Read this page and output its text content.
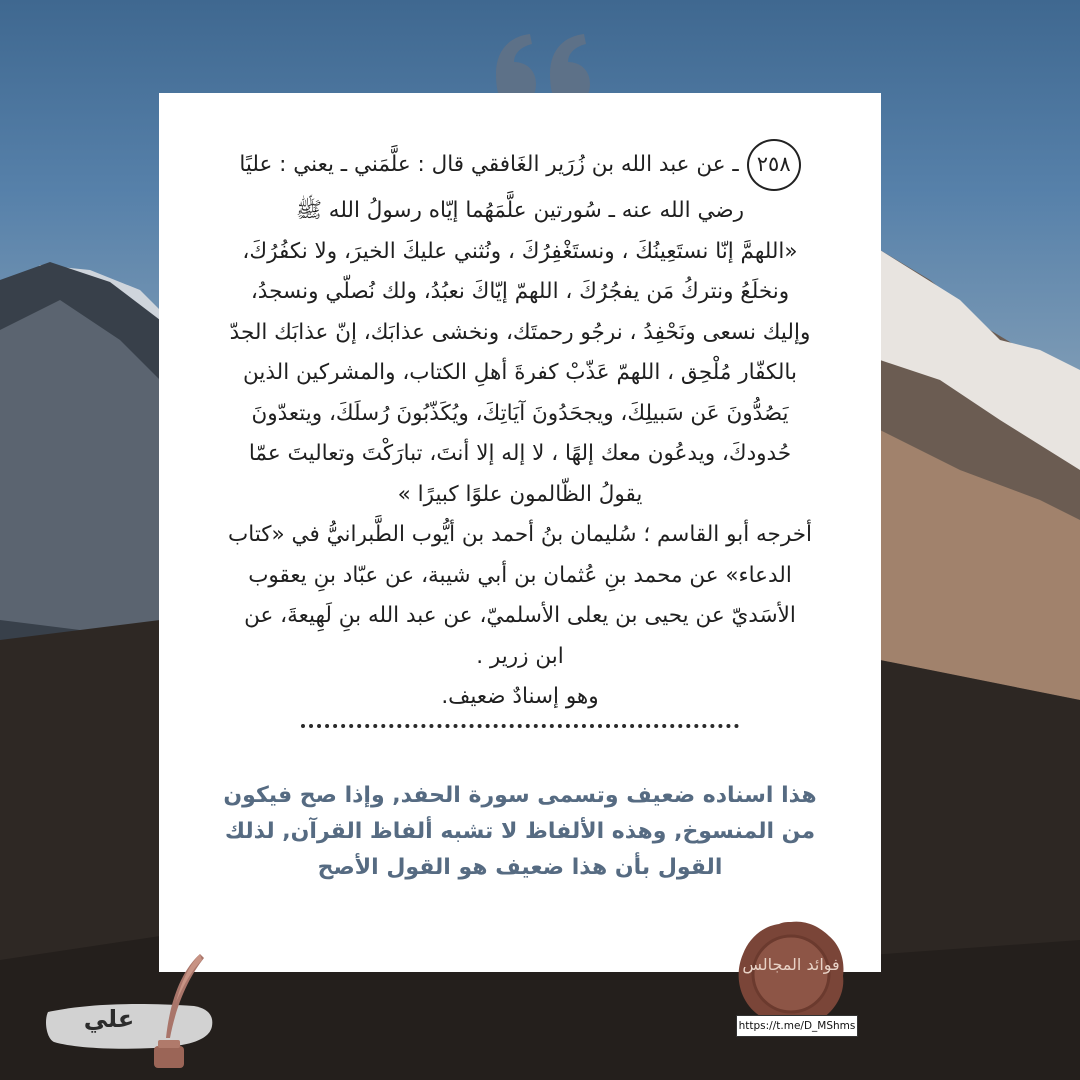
٢٥٨ـ عن عبد الله بن زُرَير الغَافقي قال : علَّمَني ـ يعني : عليًا
رضي الله عنه ـ سُورتين علَّمَهُما إيّاه رسولُ الله ﷺ
«اللهمَّ إنّا نستَعِينُكَ ، ونستَغْفِرُكَ ، ونُثني عليكَ الخيرَ، ولا نكفُرُكَ،
ونخلَعُ ونتركُ مَن يفجُرُكَ ، اللهمّ إيّاكَ نعبُدُ، ولك نُصلّي ونسجدُ،
وإليك نسعى ونَحْفِدُ ، نرجُو رحمتَك، ونخشى عذابَك، إنّ عذابَك الجدّ
بالكفّار مُلْحِق ، اللهمّ عَذّبْ كفرةَ أهلِ الكتاب، والمشركين الذين
يَصُدُّونَ عَن سَبيلِكَ، ويجحَدُونَ آيَاتِكَ، ويُكَذّبُونَ رُسلَكَ، ويتعدّونَ
حُدودكَ، ويدعُون معك إلهًا ، لا إله إلا أنتَ، تبارَكْتَ وتعاليتَ عمّا
يقولُ الظّالمون علوًا كبيرًا »
أخرجه أبو القاسم ؛ سُليمان بنُ أحمد بن أيُّوب الطَّبرانيُّ في «كتاب
الدعاء» عن محمد بنِ عُثمان بن أبي شيبة، عن عبّاد بنِ يعقوب
الأسَديّ عن يحيى بن يعلى الأسلميّ، عن عبد الله بنِ لَهِيعةَ، عن
ابن زرير .
وهو إسنادٌ ضعيف.
هذا اسناده ضعيف وتسمى سورة الحفد, وإذا صح فيكون
من المنسوخ, وهذه الألفاظ لا تشبه ألفاظ القرآن, لذلك
القول بأن هذا ضعيف هو القول الأصح
فوائد المجالس
https://t.me/D_MShms
علي
